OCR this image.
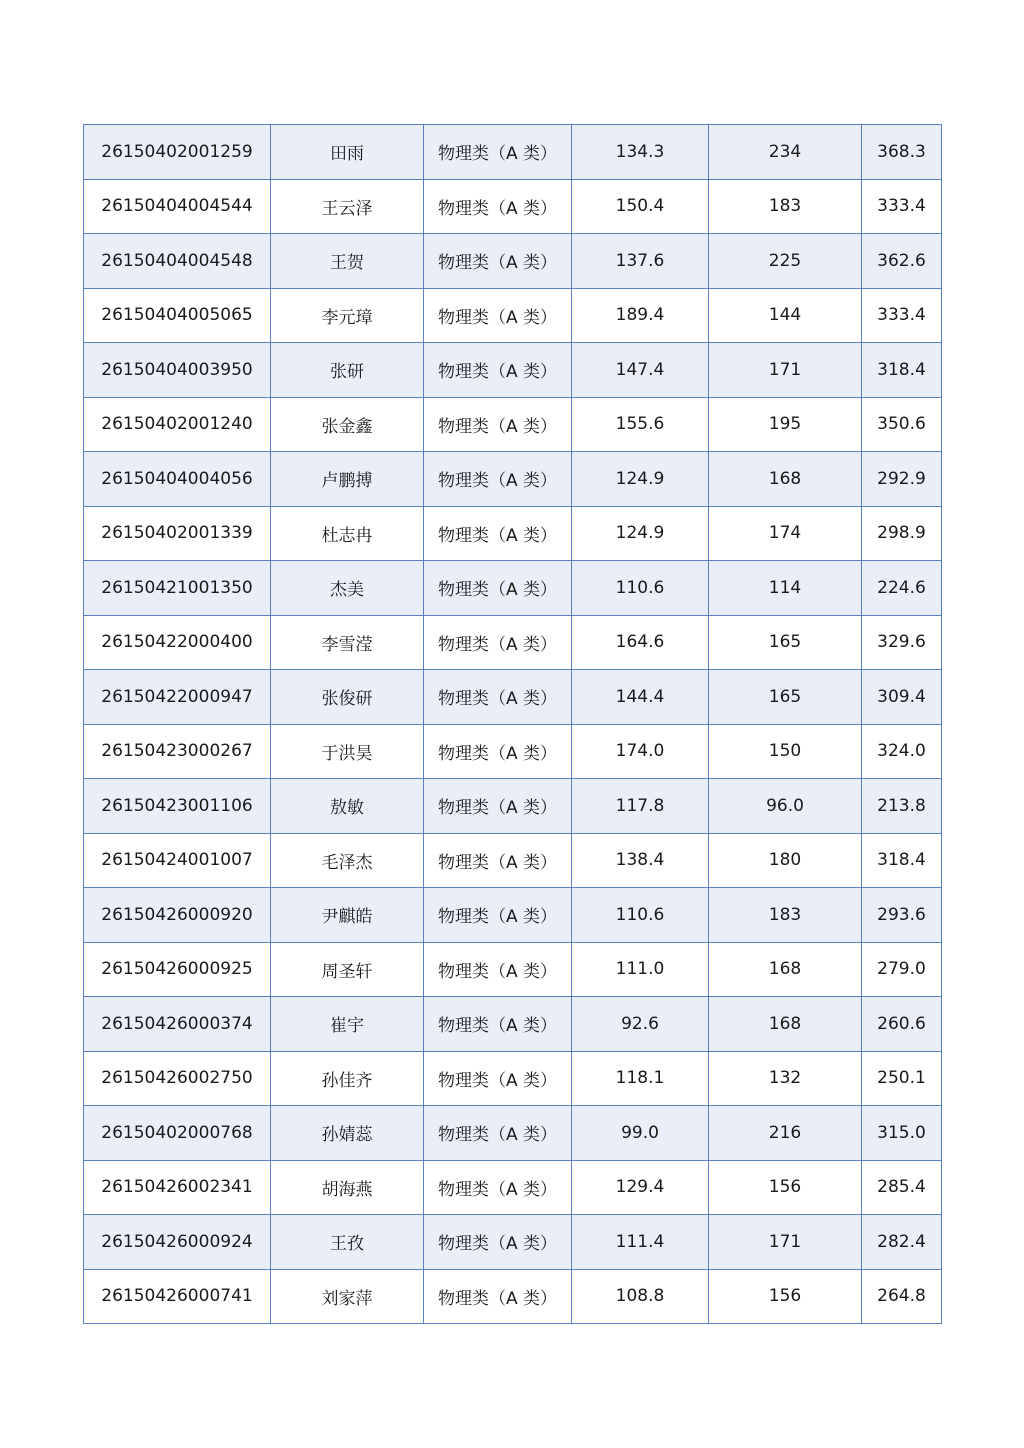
26150402001259	田雨	物理类（A 类）	134.3	234	368.3
26150404004544	王云泽	物理类（A 类）	150.4	183	333.4
26150404004548	王贺	物理类（A 类）	137.6	225	362.6
26150404005065	李元璋	物理类（A 类）	189.4	144	333.4
26150404003950	张研	物理类（A 类）	147.4	171	318.4
26150402001240	张金鑫	物理类（A 类）	155.6	195	350.6
26150404004056	卢鹏搏	物理类（A 类）	124.9	168	292.9
26150402001339	杜志冉	物理类（A 类）	124.9	174	298.9
26150421001350	杰美	物理类（A 类）	110.6	114	224.6
26150422000400	李雪滢	物理类（A 类）	164.6	165	329.6
26150422000947	张俊研	物理类（A 类）	144.4	165	309.4
26150423000267	于洪昊	物理类（A 类）	174.0	150	324.0
26150423001106	敖敏	物理类（A 类）	117.8	96.0	213.8
26150424001007	毛泽杰	物理类（A 类）	138.4	180	318.4
26150426000920	尹麒皓	物理类（A 类）	110.6	183	293.6
26150426000925	周圣轩	物理类（A 类）	111.0	168	279.0
26150426000374	崔宇	物理类（A 类）	92.6	168	260.6
26150426002750	孙佳齐	物理类（A 类）	118.1	132	250.1
26150402000768	孙婧蕊	物理类（A 类）	99.0	216	315.0
26150426002341	胡海燕	物理类（A 类）	129.4	156	285.4
26150426000924	王孜	物理类（A 类）	111.4	171	282.4
26150426000741	刘家萍	物理类（A 类）	108.8	156	264.8
